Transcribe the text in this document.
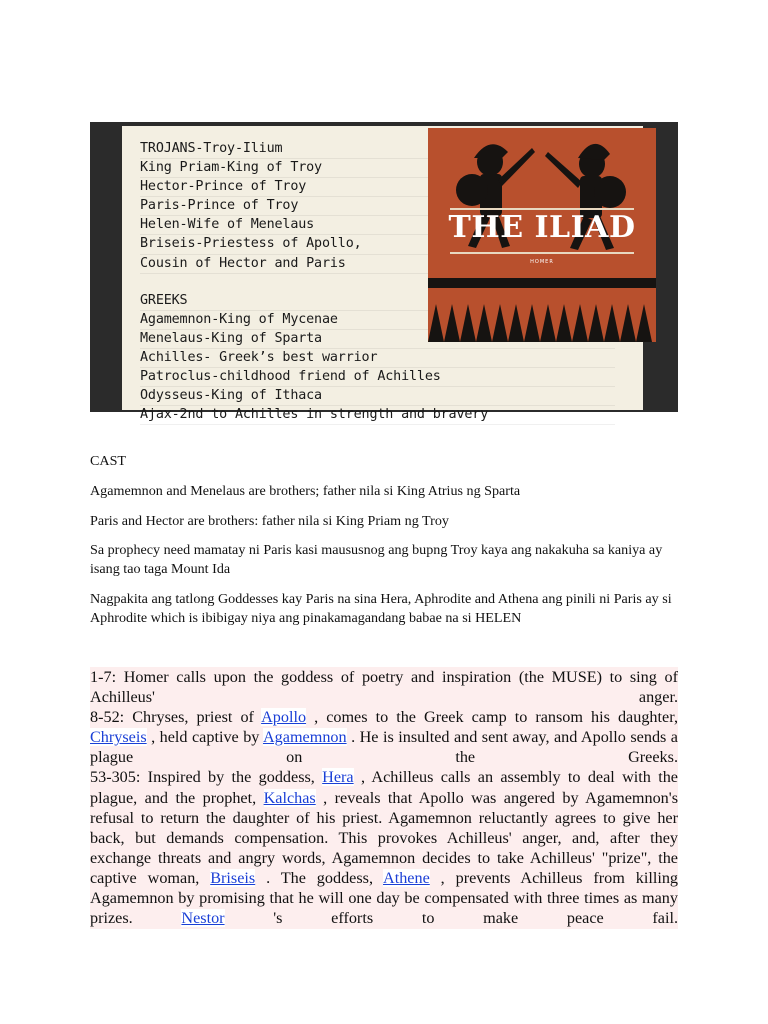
TROJANS-Troy-Ilium
King Priam-King of Troy
Hector-Prince of Troy
Paris-Prince of Troy
Helen-Wife of Menelaus
Briseis-Priestess of Apollo,
Cousin of Hector and Paris
GREEKS
Agamemnon-King of Mycenae
Menelaus-King of Sparta
Achilles- Greek’s best warrior
Patroclus-childhood friend of Achilles
Odysseus-King of Ithaca
Ajax-2nd to Achilles in strength and bravery
THE ILIAD
HOMER
CAST
Agamemnon and Menelaus are brothers; father nila si King Atrius ng Sparta
Paris and Hector are brothers: father nila si King Priam ng Troy
Sa prophecy need mamatay ni Paris kasi maususnog ang bupng Troy kaya ang nakakuha sa kaniya ay isang tao taga Mount Ida
Nagpakita ang tatlong Goddesses kay Paris na sina Hera, Aphrodite and Athena ang pinili ni Paris ay si Aphrodite which is ibibigay niya ang pinakamagandang babae na si HELEN

1-7: Homer calls upon the goddess of poetry and inspiration (the MUSE) to sing of Achilleus' anger.

8-52: Chryses, priest of Apollo , comes to the Greek camp to ransom his daughter, Chryseis , held captive by Agamemnon . He is insulted and sent away, and Apollo sends a plague on the Greeks.

53-305: Inspired by the goddess, Hera , Achilleus calls an assembly to deal with the plague, and the prophet, Kalchas , reveals that Apollo was angered by Agamemnon's refusal to return the daughter of his priest. Agamemnon reluctantly agrees to give her back, but demands compensation. This provokes Achilleus' anger, and, after they exchange threats and angry words, Agamemnon decides to take Achilleus' "prize", the captive woman, Briseis . The goddess, Athene , prevents Achilleus from killing Agamemnon by promising that he will one day be compensated with three times as many prizes. Nestor 's efforts to make peace fail.
